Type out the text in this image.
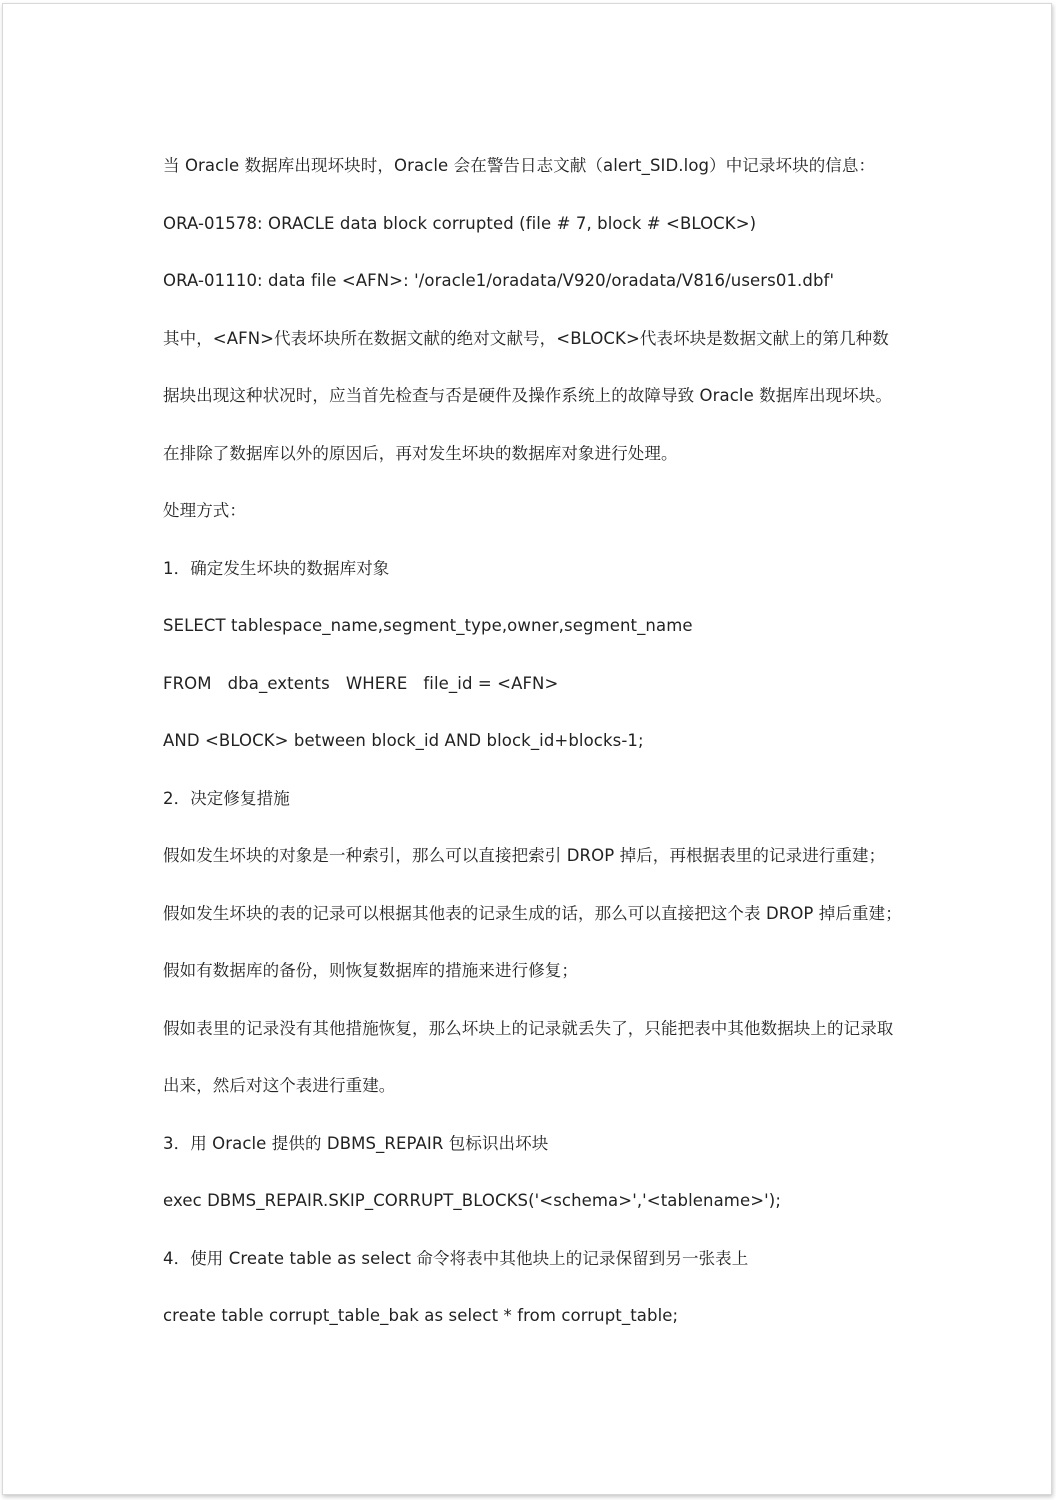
当 Oracle 数据库出现坏块时，Oracle 会在警告日志文献（alert_SID.log）中记录坏块的信息：
ORA-01578: ORACLE data block corrupted (file # 7, block # <BLOCK>)
ORA-01110: data file <AFN>: '/oracle1/oradata/V920/oradata/V816/users01.dbf'
其中，<AFN>代表坏块所在数据文献的绝对文献号，<BLOCK>代表坏块是数据文献上的第几种数
据块出现这种状况时，应当首先检查与否是硬件及操作系统上的故障导致 Oracle 数据库出现坏块。
在排除了数据库以外的原因后，再对发生坏块的数据库对象进行处理。
处理方式：
1．确定发生坏块的数据库对象
SELECT tablespace_name,segment_type,owner,segment_name
FROM   dba_extents   WHERE   file_id = <AFN>
AND <BLOCK> between block_id AND block_id+blocks-1;
2．决定修复措施
假如发生坏块的对象是一种索引，那么可以直接把索引 DROP 掉后，再根据表里的记录进行重建；
假如发生坏块的表的记录可以根据其他表的记录生成的话，那么可以直接把这个表 DROP 掉后重建；
假如有数据库的备份，则恢复数据库的措施来进行修复；
假如表里的记录没有其他措施恢复，那么坏块上的记录就丢失了，只能把表中其他数据块上的记录取
出来，然后对这个表进行重建。
3．用 Oracle 提供的 DBMS_REPAIR 包标识出坏块
exec DBMS_REPAIR.SKIP_CORRUPT_BLOCKS('<schema>','<tablename>');
4．使用 Create table as select 命令将表中其他块上的记录保留到另一张表上
create table corrupt_table_bak as select * from corrupt_table;
